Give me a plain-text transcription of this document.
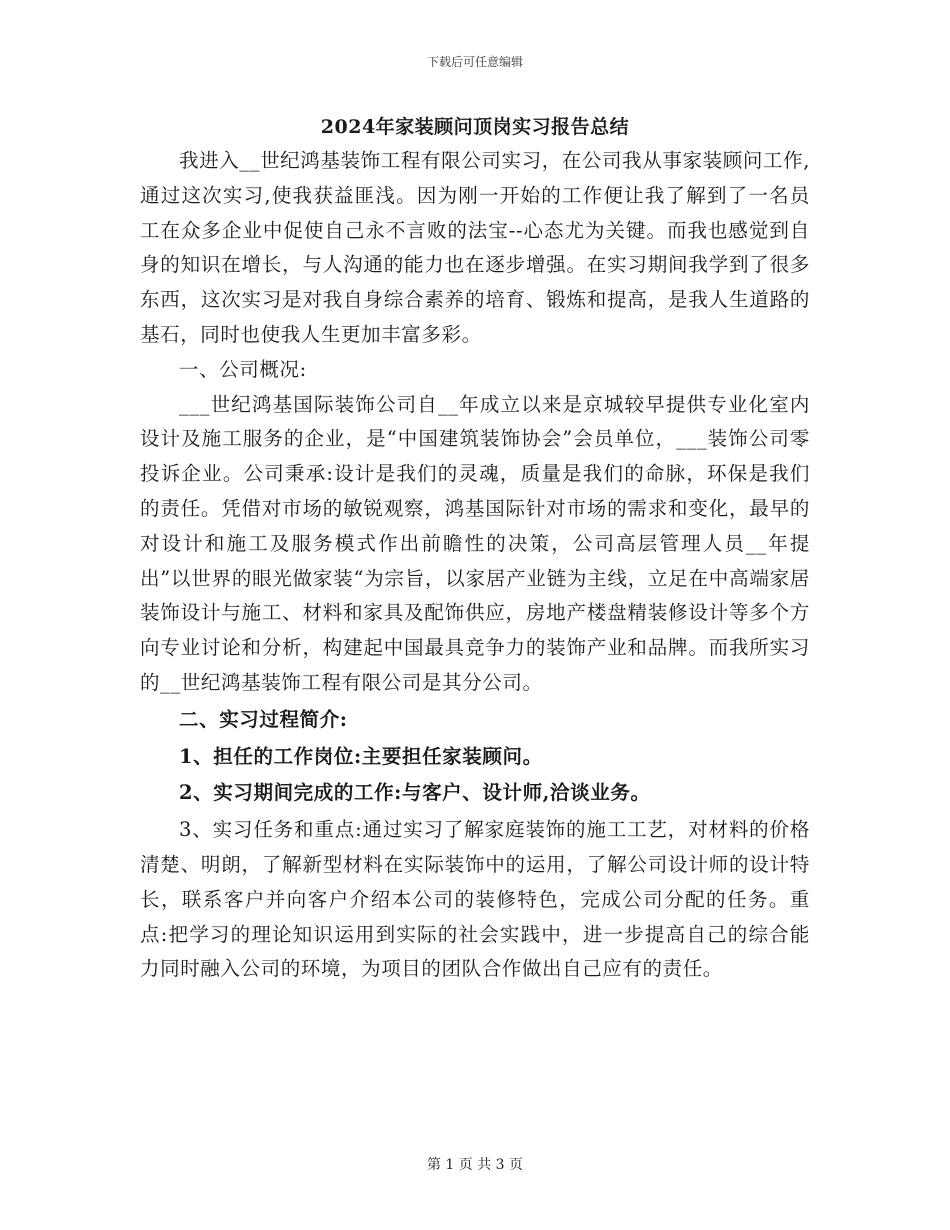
下载后可任意编辑
2024年家装顾问顶岗实习报告总结

我进入__世纪鸿基装饰工程有限公司实习，在公司我从事家装顾问工作,通过这次实习,使我获益匪浅。因为刚一开始的工作便让我了解到了一名员工在众多企业中促使自己永不言败的法宝--心态尤为关键。而我也感觉到自身的知识在增长，与人沟通的能力也在逐步增强。在实习期间我学到了很多东西，这次实习是对我自身综合素养的培育、锻炼和提高，是我人生道路的基石，同时也使我人生更加丰富多彩。

一、公司概况:

___世纪鸿基国际装饰公司自__年成立以来是京城较早提供专业化室内设计及施工服务的企业，是“中国建筑装饰协会”会员单位，___装饰公司零投诉企业。公司秉承:设计是我们的灵魂，质量是我们的命脉，环保是我们的责任。凭借对市场的敏锐观察，鸿基国际针对市场的需求和变化，最早的对设计和施工及服务模式作出前瞻性的决策，公司高层管理人员__年提出”以世界的眼光做家装“为宗旨，以家居产业链为主线，立足在中高端家居装饰设计与施工、材料和家具及配饰供应，房地产楼盘精装修设计等多个方向专业讨论和分析，构建起中国最具竞争力的装饰产业和品牌。而我所实习的__世纪鸿基装饰工程有限公司是其分公司。

二、实习过程简介:

1、担任的工作岗位:主要担任家装顾问。

2、实习期间完成的工作:与客户、设计师,洽谈业务。

3、实习任务和重点:通过实习了解家庭装饰的施工工艺，对材料的价格清楚、明朗，了解新型材料在实际装饰中的运用，了解公司设计师的设计特长，联系客户并向客户介绍本公司的装修特色，完成公司分配的任务。重点:把学习的理论知识运用到实际的社会实践中，进一步提高自己的综合能力同时融入公司的环境，为项目的团队合作做出自己应有的责任。

第 1 页 共 3 页
